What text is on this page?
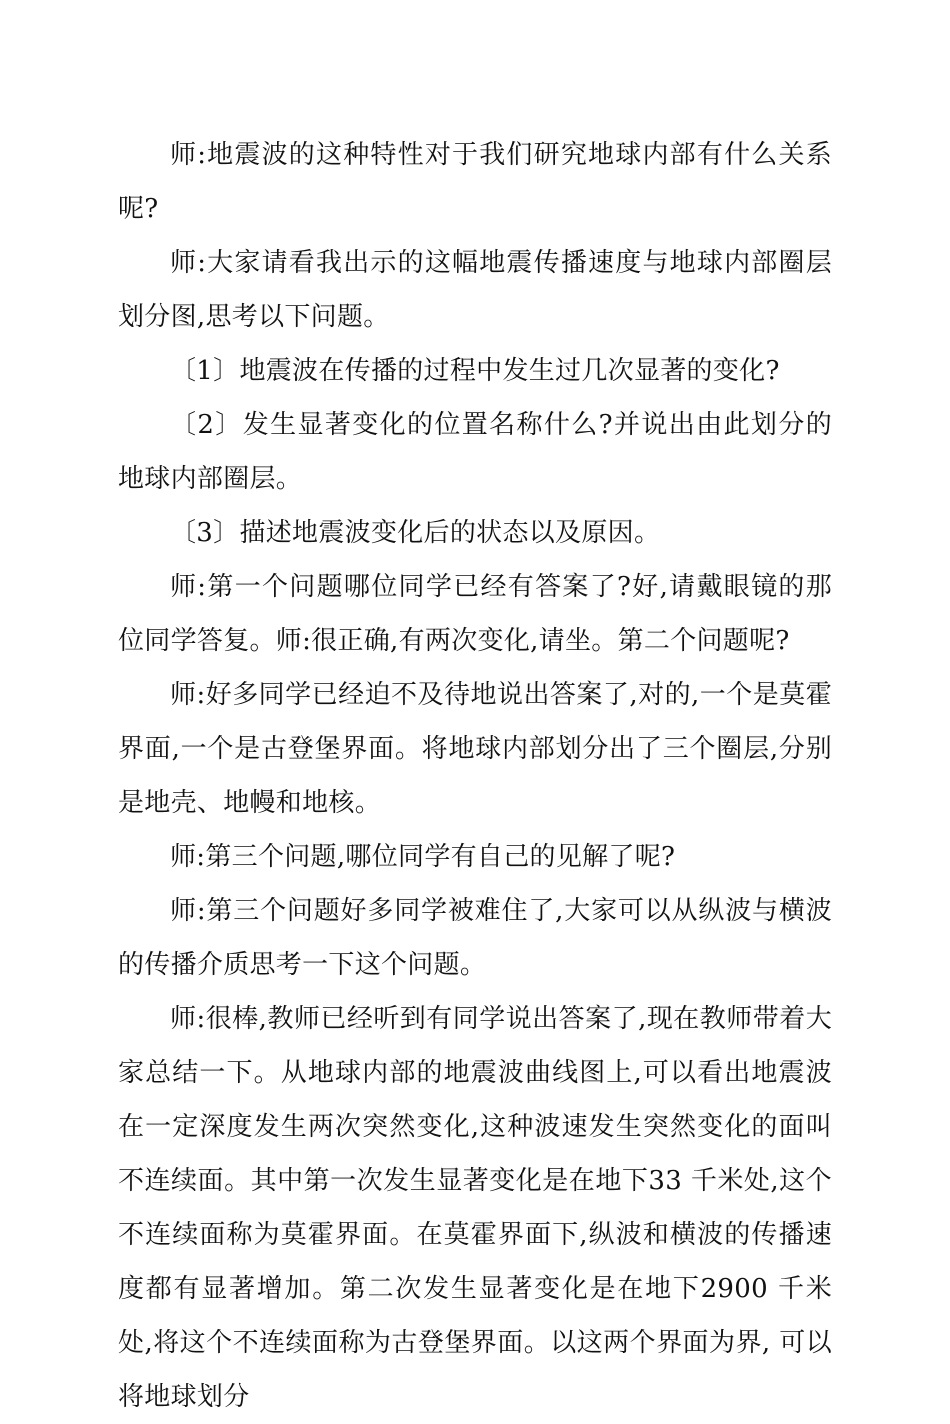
师:地震波的这种特性对于我们研究地球内部有什么关系呢?

师:大家请看我出示的这幅地震传播速度与地球内部圈层划分图,思考以下问题。

〔1〕地震波在传播的过程中发生过几次显著的变化?

〔2〕发生显著变化的位置名称什么?并说出由此划分的地球内部圈层。

〔3〕描述地震波变化后的状态以及原因。

师:第一个问题哪位同学已经有答案了?好,请戴眼镜的那位同学答复。师:很正确,有两次变化,请坐。第二个问题呢?

师:好多同学已经迫不及待地说出答案了,对的,一个是莫霍界面,一个是古登堡界面。将地球内部划分出了三个圈层,分别是地壳、地幔和地核。

师:第三个问题,哪位同学有自己的见解了呢?

师:第三个问题好多同学被难住了,大家可以从纵波与横波的传播介质思考一下这个问题。

师:很棒,教师已经听到有同学说出答案了,现在教师带着大家总结一下。从地球内部的地震波曲线图上,可以看出地震波在一定深度发生两次突然变化,这种波速发生突然变化的面叫不连续面。其中第一次发生显著变化是在地下33 千米处,这个不连续面称为莫霍界面。在莫霍界面下,纵波和横波的传播速度都有显著增加。第二次发生显著变化是在地下2900 千米处,将这个不连续面称为古登堡界面。以这两个界面为界, 可以将地球划分
